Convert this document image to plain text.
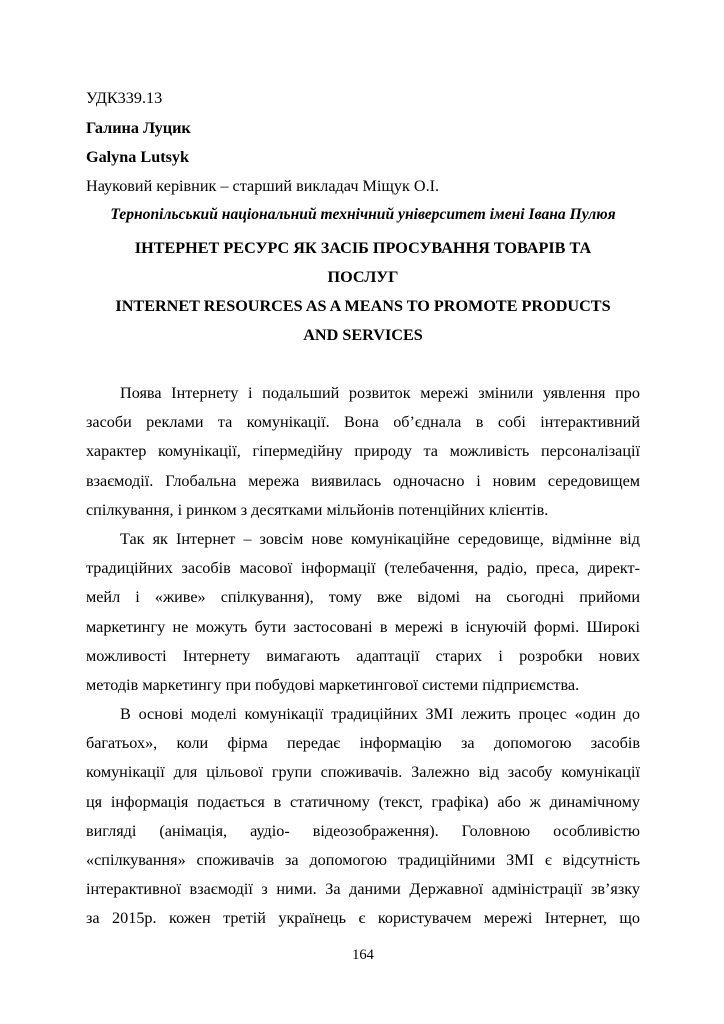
УДК339.13
Галина Луцик
Galyna Lutsyk
Науковий керівник – старший викладач Міщук О.І.
Тернопільський національний технічний університет імені Івана Пулюя
ІНТЕРНЕТ РЕСУРС ЯК ЗАСІБ ПРОСУВАННЯ ТОВАРІВ ТА
ПОСЛУГ
INTERNET RESOURCES AS A MEANS TO PROMOTE PRODUCTS
AND SERVICES
Поява Інтернету і подальший розвиток мережі змінили уявлення про
засоби реклами та комунікації. Вона об’єднала в собі інтерактивний
характер комунікації, гіпермедійну природу та можливість персоналізації
взаємодії. Глобальна мережа виявилась одночасно і новим середовищем
спілкування, і ринком з десятками мільйонів потенційних клієнтів.
Так як Інтернет – зовсім нове комунікаційне середовище, відмінне від
традиційних засобів масової інформації (телебачення, радіо, преса, директ-
мейл і «живе» спілкування), тому вже відомі на сьогодні прийоми
маркетингу не можуть бути застосовані в мережі в існуючій формі. Широкі
можливості Інтернету вимагають адаптації старих і розробки нових
методів маркетингу при побудові маркетингової системи підприємства.
В основі моделі комунікації традиційних ЗМІ лежить процес «один до
багатьох», коли фірма передає інформацію за допомогою засобів
комунікації для цільової групи споживачів. Залежно від засобу комунікації
ця інформація подається в статичному (текст, графіка) або ж динамічному
вигляді (анімація, аудіо- відеозображення). Головною особливістю
«спілкування» споживачів за допомогою традиційними ЗМІ є відсутність
інтерактивної взаємодії з ними. За даними Державної адміністрації зв’язку
за 2015р. кожен третій українець є користувачем мережі Інтернет, що
164
